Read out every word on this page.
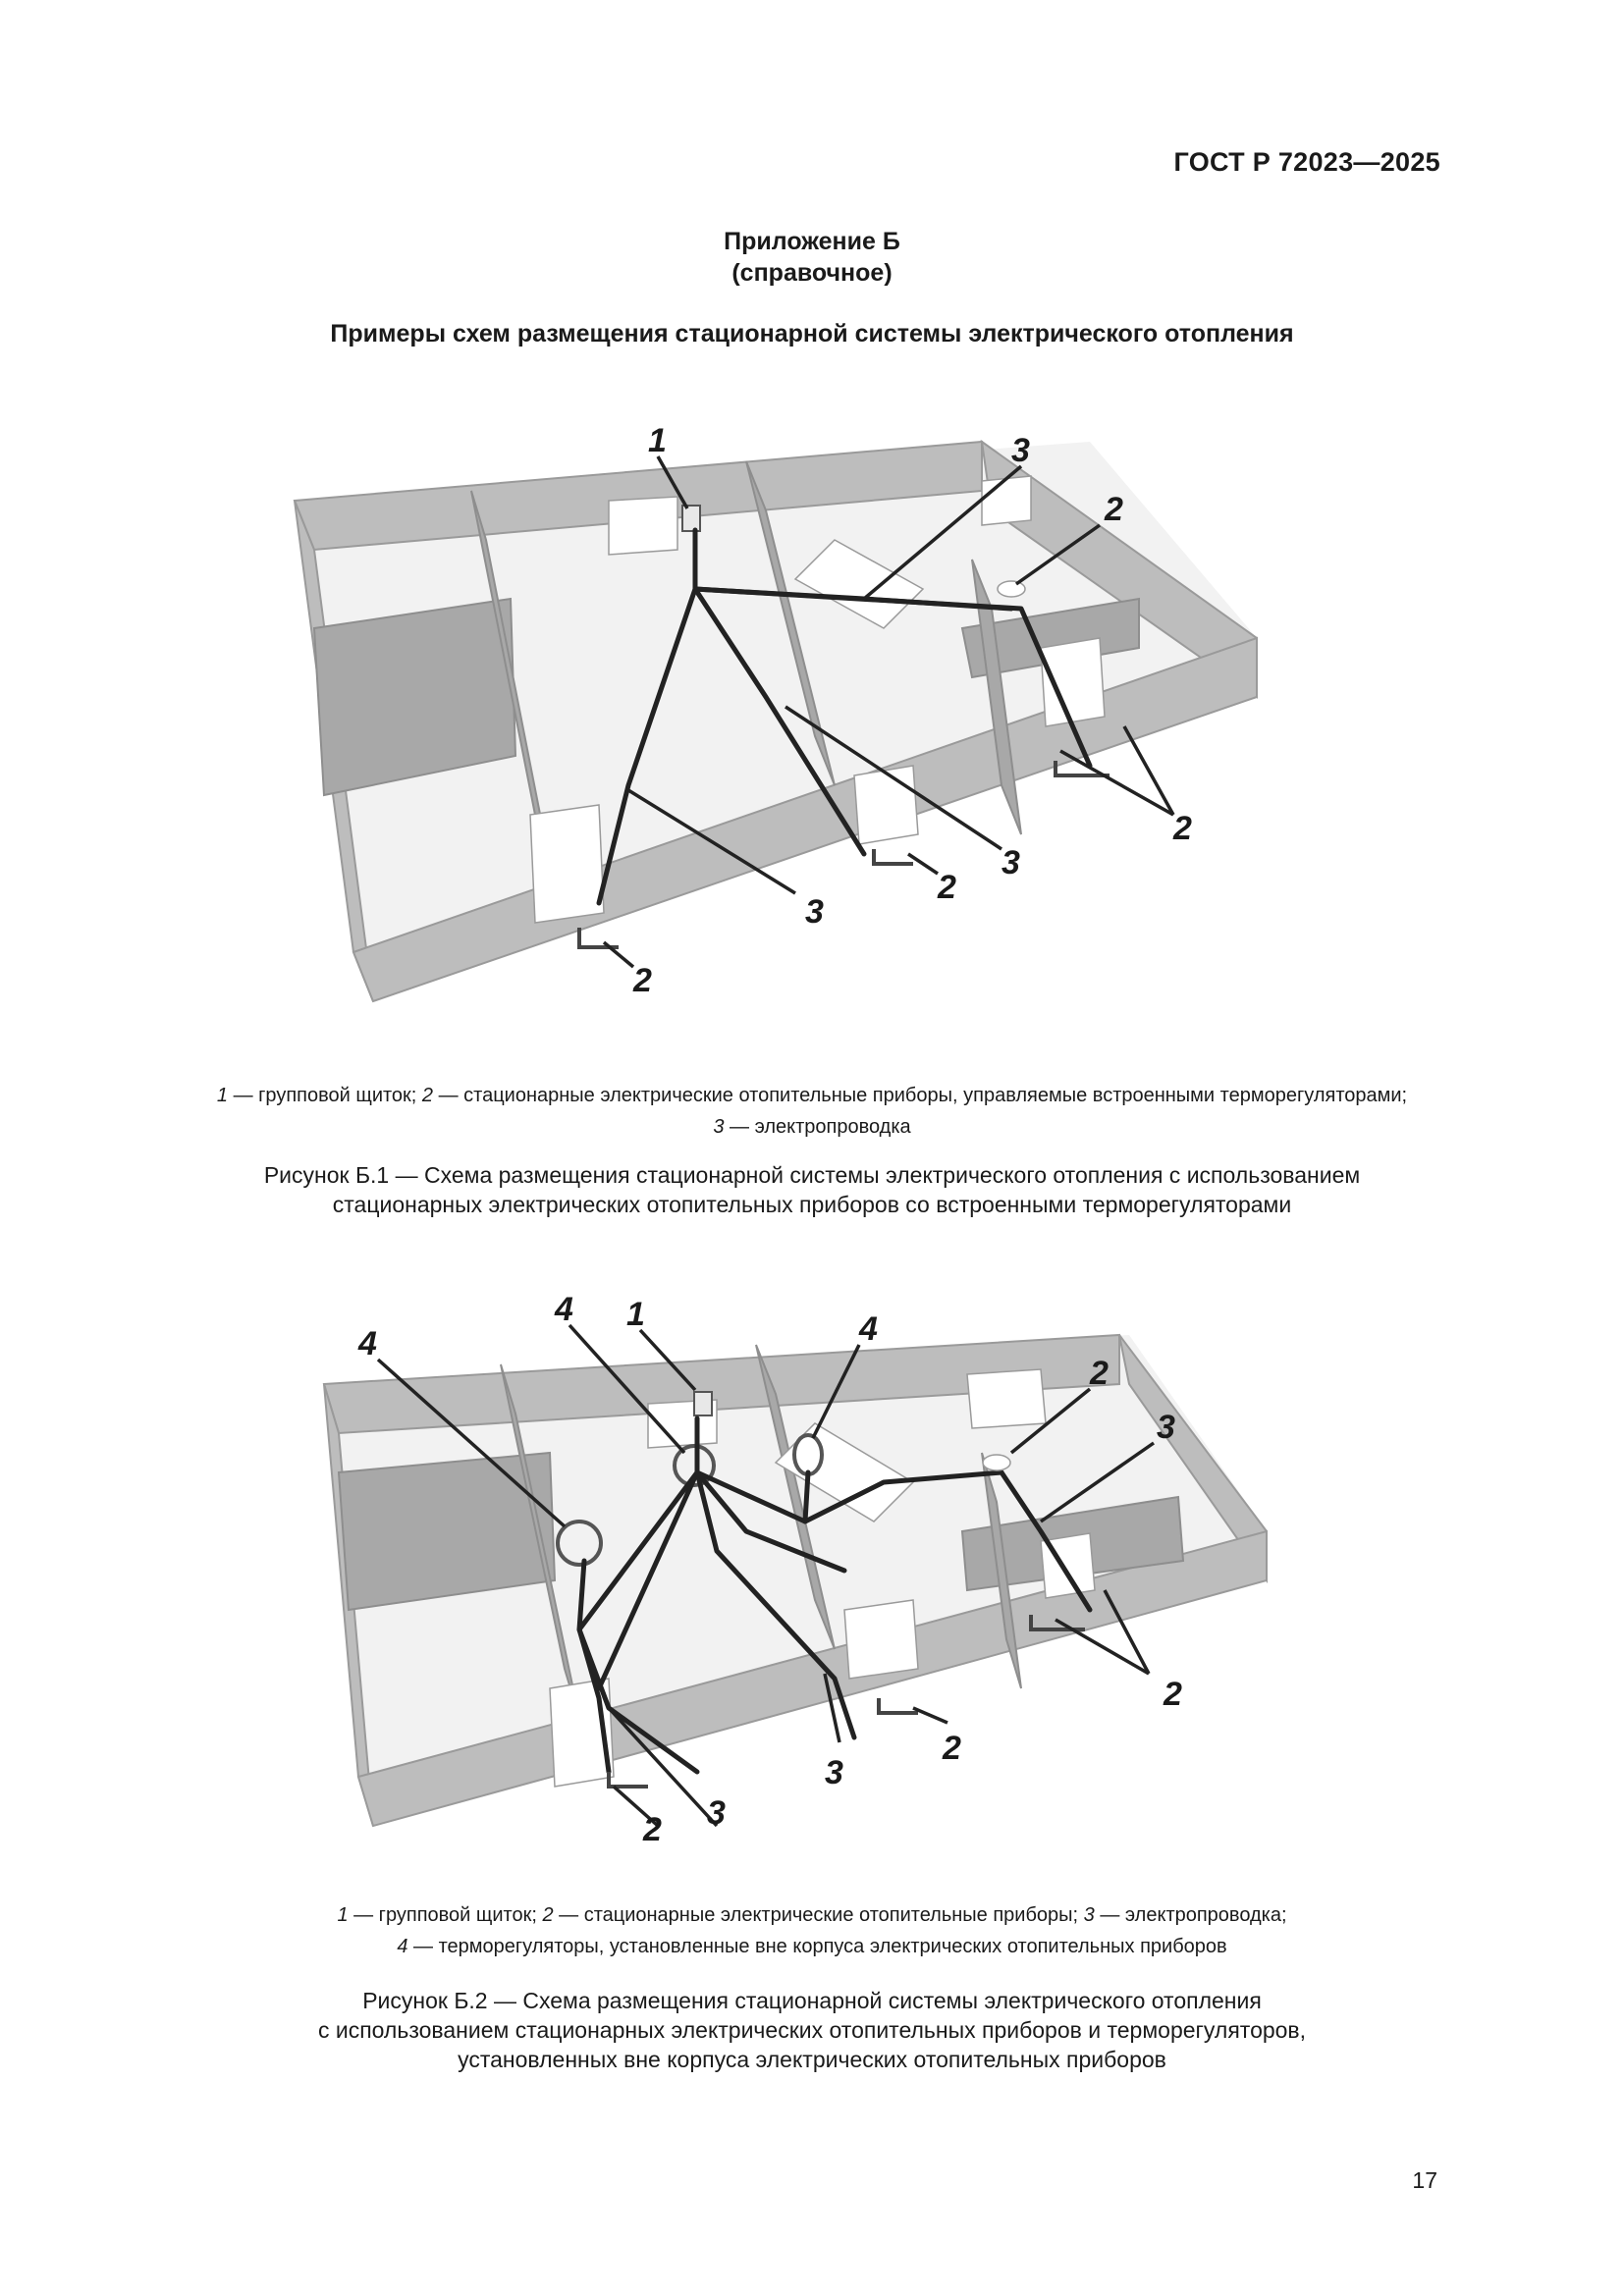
ГОСТ Р 72023—2025
Приложение Б
(справочное)
Примеры схем размещения стационарной системы электрического отопления
1	3
2
2
3
2
3
2
1 — групповой щиток; 2 — стационарные электрические отопительные приборы, управляемые встроенными терморегуляторами;
3 — электропроводка
Рисунок Б.1 — Схема размещения стационарной системы электрического отопления с использованием
стационарных электрических отопительных приборов со встроенными терморегуляторами
4
4 1	4
2
3
2
2
3
3
2
1 — групповой щиток; 2 — стационарные электрические отопительные приборы; 3 — электропроводка;
4 — терморегуляторы, установленные вне корпуса электрических отопительных приборов
Рисунок Б.2 — Схема размещения стационарной системы электрического отопления
с использованием стационарных электрических отопительных приборов и терморегуляторов,
установленных вне корпуса электрических отопительных приборов
17
